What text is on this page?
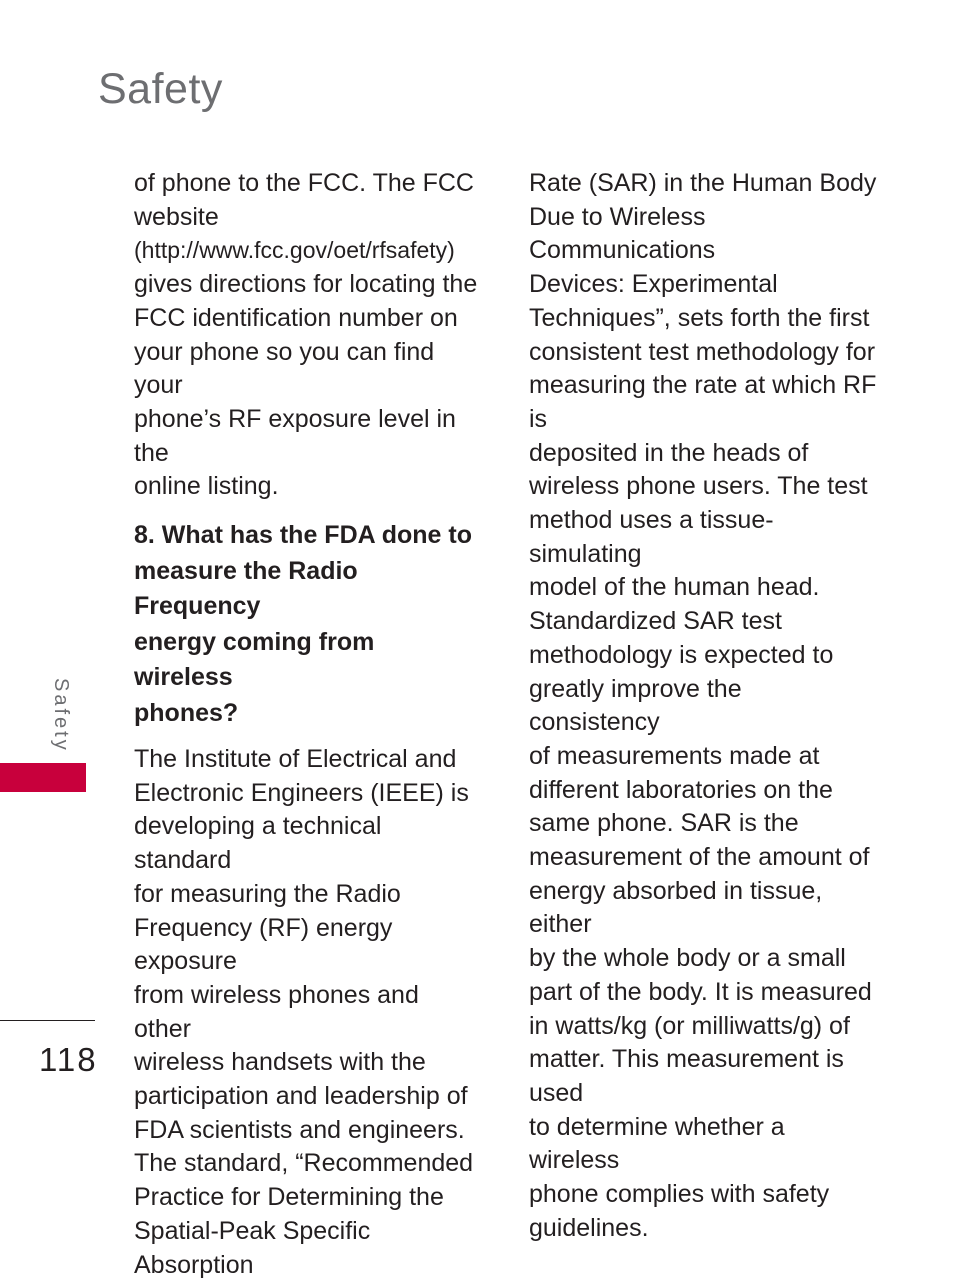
Safety

of phone to the FCC. The FCC
website
(http://www.fcc.gov/oet/rfsafety)
gives directions for locating the
FCC identification number on
your phone so you can find your
phone’s RF exposure level in the
online listing.

8. What has the FDA done to
measure the Radio Frequency
energy coming from wireless
phones?

The Institute of Electrical and
Electronic Engineers (IEEE) is
developing a technical standard
for measuring the Radio
Frequency (RF) energy exposure
from wireless phones and other
wireless handsets with the
participation and leadership of
FDA scientists and engineers.
The standard, “Recommended
Practice for Determining the
Spatial-Peak Specific Absorption

Rate (SAR) in the Human Body
Due to Wireless Communications
Devices: Experimental
Techniques”, sets forth the first
consistent test methodology for
measuring the rate at which RF is
deposited in the heads of
wireless phone users. The test
method uses a tissue-simulating
model of the human head.
Standardized SAR test
methodology is expected to
greatly improve the consistency
of measurements made at
different laboratories on the
same phone. SAR is the
measurement of the amount of
energy absorbed in tissue, either
by the whole body or a small
part of the body. It is measured
in watts/kg (or milliwatts/g) of
matter. This measurement is used
to determine whether a wireless
phone complies with safety
guidelines.

Safety
118
